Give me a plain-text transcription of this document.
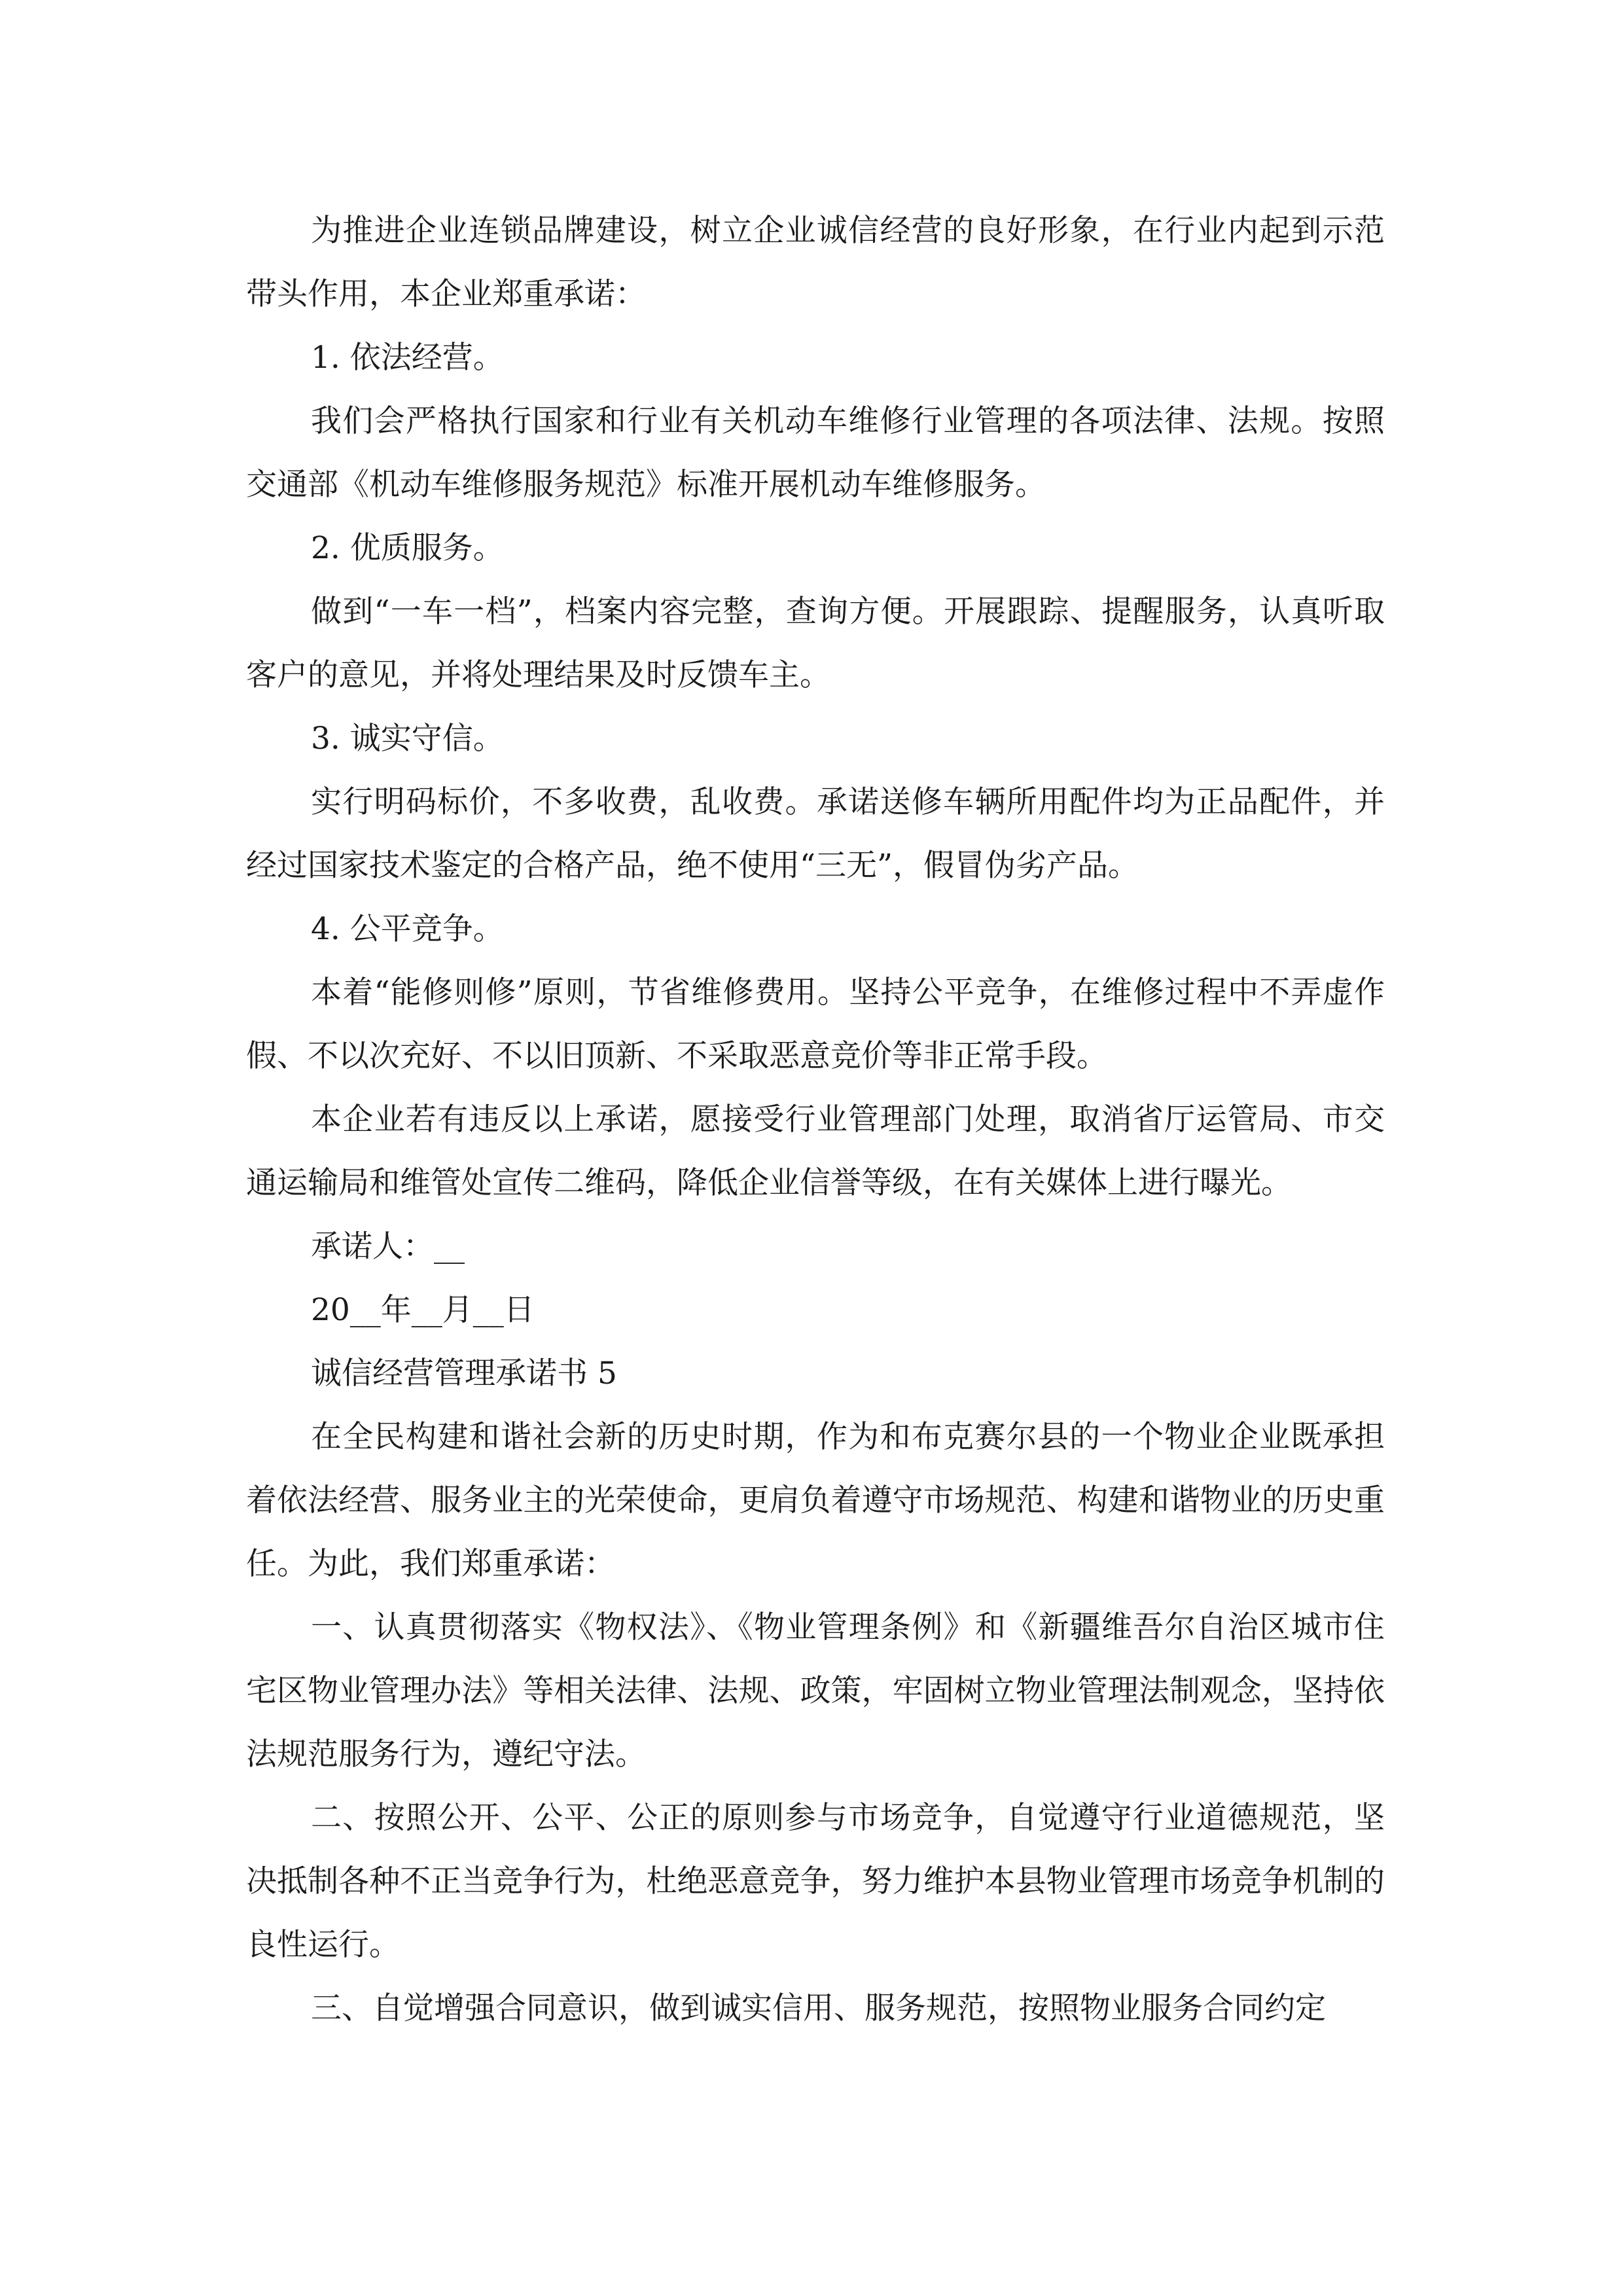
为推进企业连锁品牌建设，树立企业诚信经营的良好形象，在行业内起到示范带头作用，本企业郑重承诺：

1. 依法经营。

我们会严格执行国家和行业有关机动车维修行业管理的各项法律、法规。按照交通部《机动车维修服务规范》标准开展机动车维修服务。

2. 优质服务。

做到“一车一档”，档案内容完整，查询方便。开展跟踪、提醒服务，认真听取客户的意见，并将处理结果及时反馈车主。

3. 诚实守信。

实行明码标价，不多收费，乱收费。承诺送修车辆所用配件均为正品配件，并经过国家技术鉴定的合格产品，绝不使用“三无”，假冒伪劣产品。

4. 公平竞争。

本着“能修则修”原则，节省维修费用。坚持公平竞争，在维修过程中不弄虚作假、不以次充好、不以旧顶新、不采取恶意竞价等非正常手段。

本企业若有违反以上承诺，愿接受行业管理部门处理，取消省厅运管局、市交通运输局和维管处宣传二维码，降低企业信誉等级，在有关媒体上进行曝光。

承诺人：__

20__年__月__日

诚信经营管理承诺书 5

在全民构建和谐社会新的历史时期，作为和布克赛尔县的一个物业企业既承担着依法经营、服务业主的光荣使命，更肩负着遵守市场规范、构建和谐物业的历史重任。为此，我们郑重承诺：

一、认真贯彻落实《物权法》、《物业管理条例》和《新疆维吾尔自治区城市住宅区物业管理办法》等相关法律、法规、政策，牢固树立物业管理法制观念，坚持依法规范服务行为，遵纪守法。

二、按照公开、公平、公正的原则参与市场竞争，自觉遵守行业道德规范，坚决抵制各种不正当竞争行为，杜绝恶意竞争，努力维护本县物业管理市场竞争机制的良性运行。

三、自觉增强合同意识，做到诚实信用、服务规范，按照物业服务合同约定
